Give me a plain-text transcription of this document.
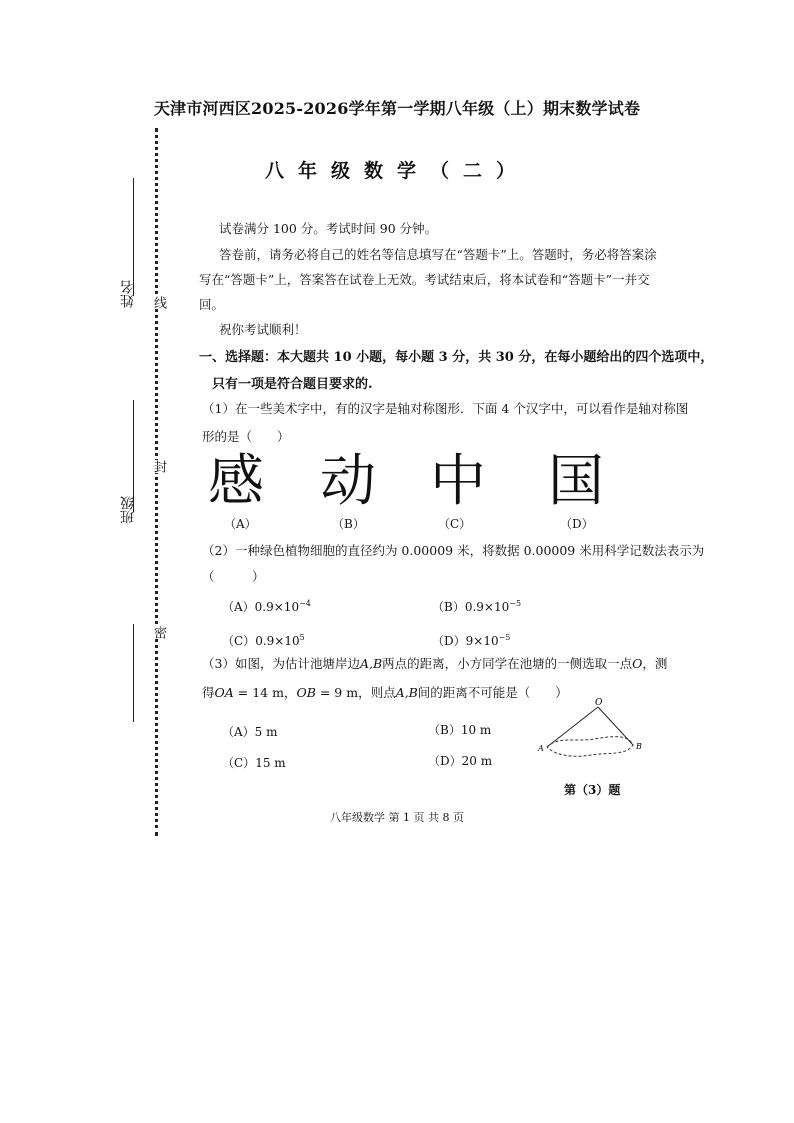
天津市河西区2025-2026学年第一学期八年级（上）期末数学试卷
八年级数学（二）
姓名
班级
线
封
密
试卷满分 100 分。考试时间 90 分钟。
答卷前，请务必将自己的姓名等信息填写在“答题卡”上。答题时，务必将答案涂
写在“答题卡”上，答案答在试卷上无效。考试结束后，将本试卷和“答题卡”一并交
回。
祝你考试顺利！
一、选择题：本大题共 10 小题，每小题 3 分，共 30 分，在每小题给出的四个选项中，
只有一项是符合题目要求的.
（1）在一些美术字中，有的汉字是轴对称图形．下面 4 个汉字中，可以看作是轴对称图
形的是（　　）
感 动 中 国
（A）	（B）	（C）	（D）
（2）一种绿色植物细胞的直径约为 0.00009 米，将数据 0.00009 米用科学记数法表示为
（　　　）
$(A)0.9\times 10^{-4}$	$(B)0.9\times 10^{-5}$
$(C)0.9\times 10^5$	$(D)9\times 10^{-5}$
（3）如图，为估计池塘岸边A,B两点的距离，小方同学在池塘的一侧选取一点O，测
得OA = 14 m，OB = 9 m，则点A,B间的距离不可能是（　　）
（A）5 m	（B）10 m
（C）15 m	（D）20 m
O
A	B
第（3）题
八年级数学 第 1 页 共 8 页
